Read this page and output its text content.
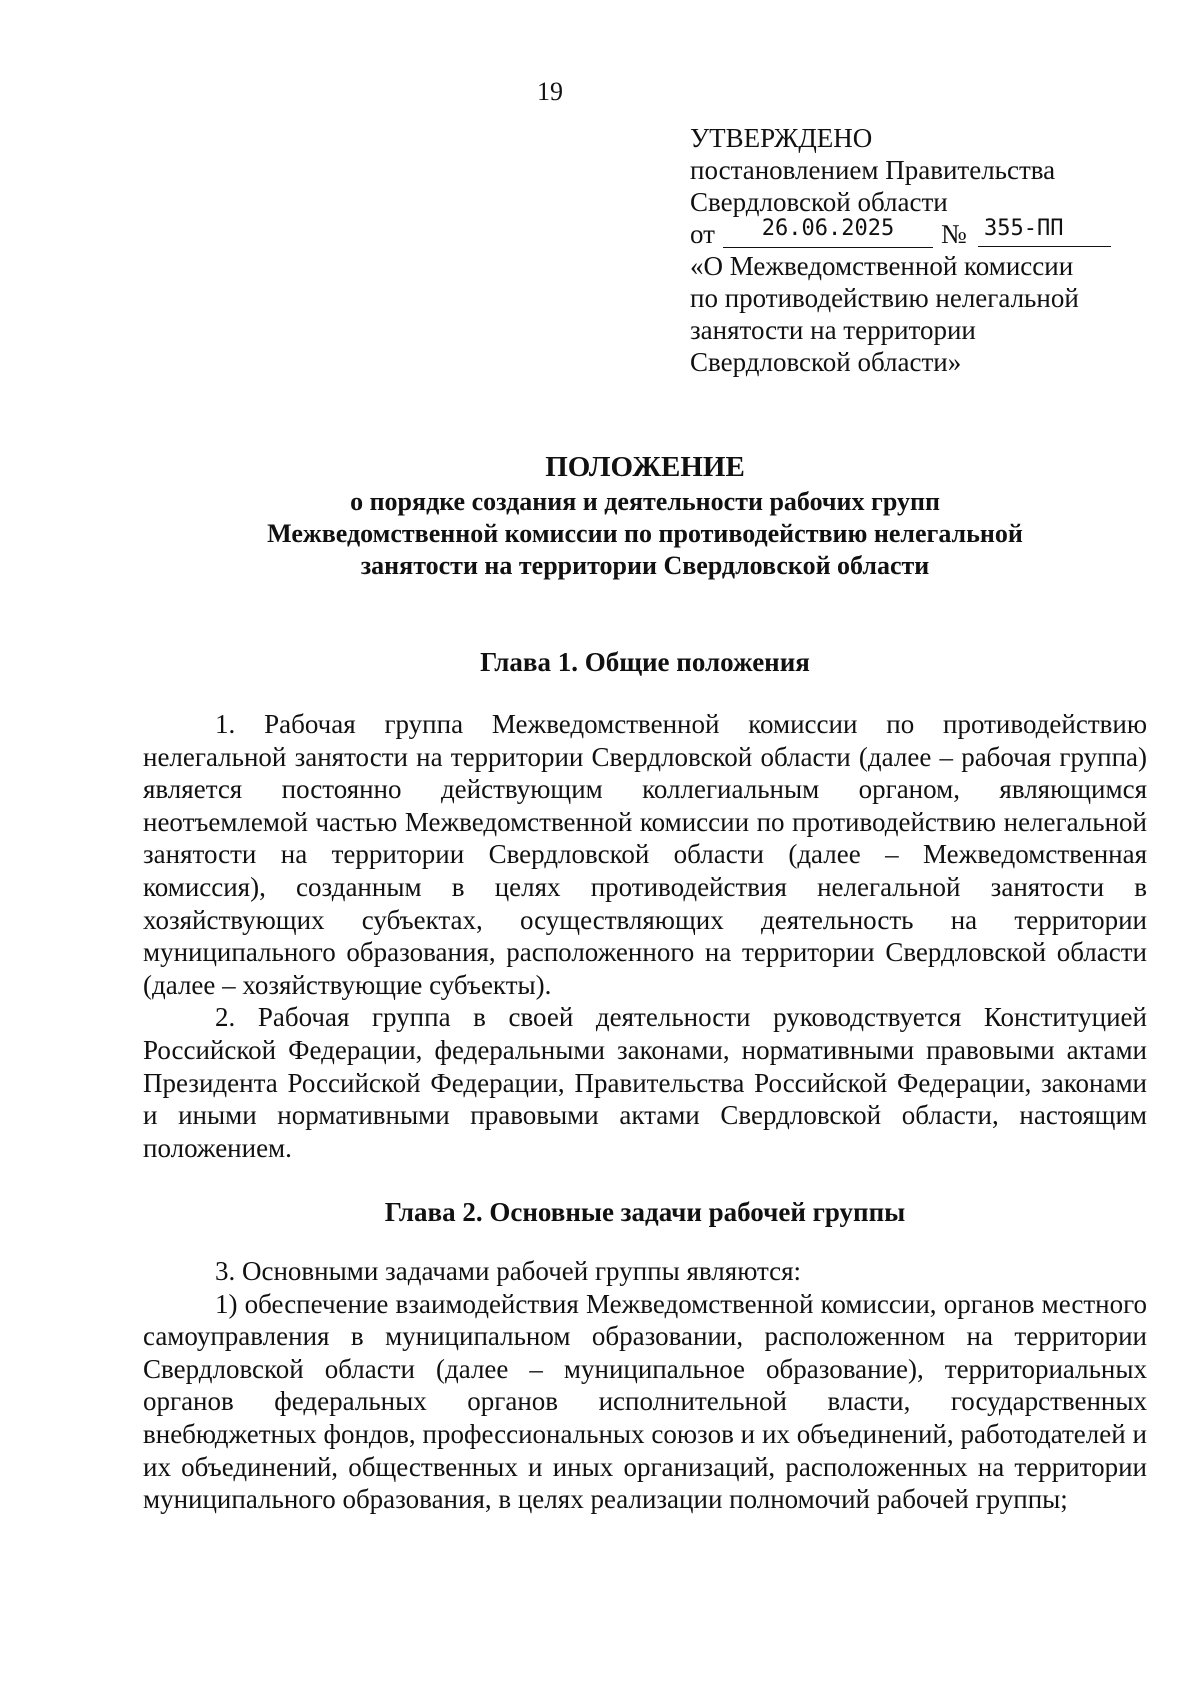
19
УТВЕРЖДЕНО
постановлением Правительства
Свердловской области
от	26.06.2025	№ 355-ПП
«О Межведомственной комиссии
по противодействию нелегальной
занятости на территории
Свердловской области»
ПОЛОЖЕНИЕ
о порядке создания и деятельности рабочих групп
Межведомственной комиссии по противодействию нелегальной
занятости на территории Свердловской области
Глава 1. Общие положения

1. Рабочая группа Межведомственной комиссии по противодействию нелегальной занятости на территории Свердловской области (далее – рабочая группа) является постоянно действующим коллегиальным органом, являющимся неотъемлемой частью Межведомственной комиссии по противодействию нелегальной занятости на территории Свердловской области (далее – Межведомственная комиссия), созданным в целях противодействия нелегальной занятости в хозяйствующих субъектах, осуществляющих деятельность на территории муниципального образования, расположенного на территории Свердловской области (далее – хозяйствующие субъекты).

2. Рабочая группа в своей деятельности руководствуется Конституцией Российской Федерации, федеральными законами, нормативными правовыми актами Президента Российской Федерации, Правительства Российской Федерации, законами и иными нормативными правовыми актами Свердловской области, настоящим положением.

Глава 2. Основные задачи рабочей группы

3. Основными задачами рабочей группы являются:

1) обеспечение взаимодействия Межведомственной комиссии, органов местного самоуправления в муниципальном образовании, расположенном на территории Свердловской области (далее – муниципальное образование), территориальных органов федеральных органов исполнительной власти, государственных внебюджетных фондов, профессиональных союзов и их объединений, работодателей и их объединений, общественных и иных организаций, расположенных на территории муниципального образования, в целях реализации полномочий рабочей группы;
